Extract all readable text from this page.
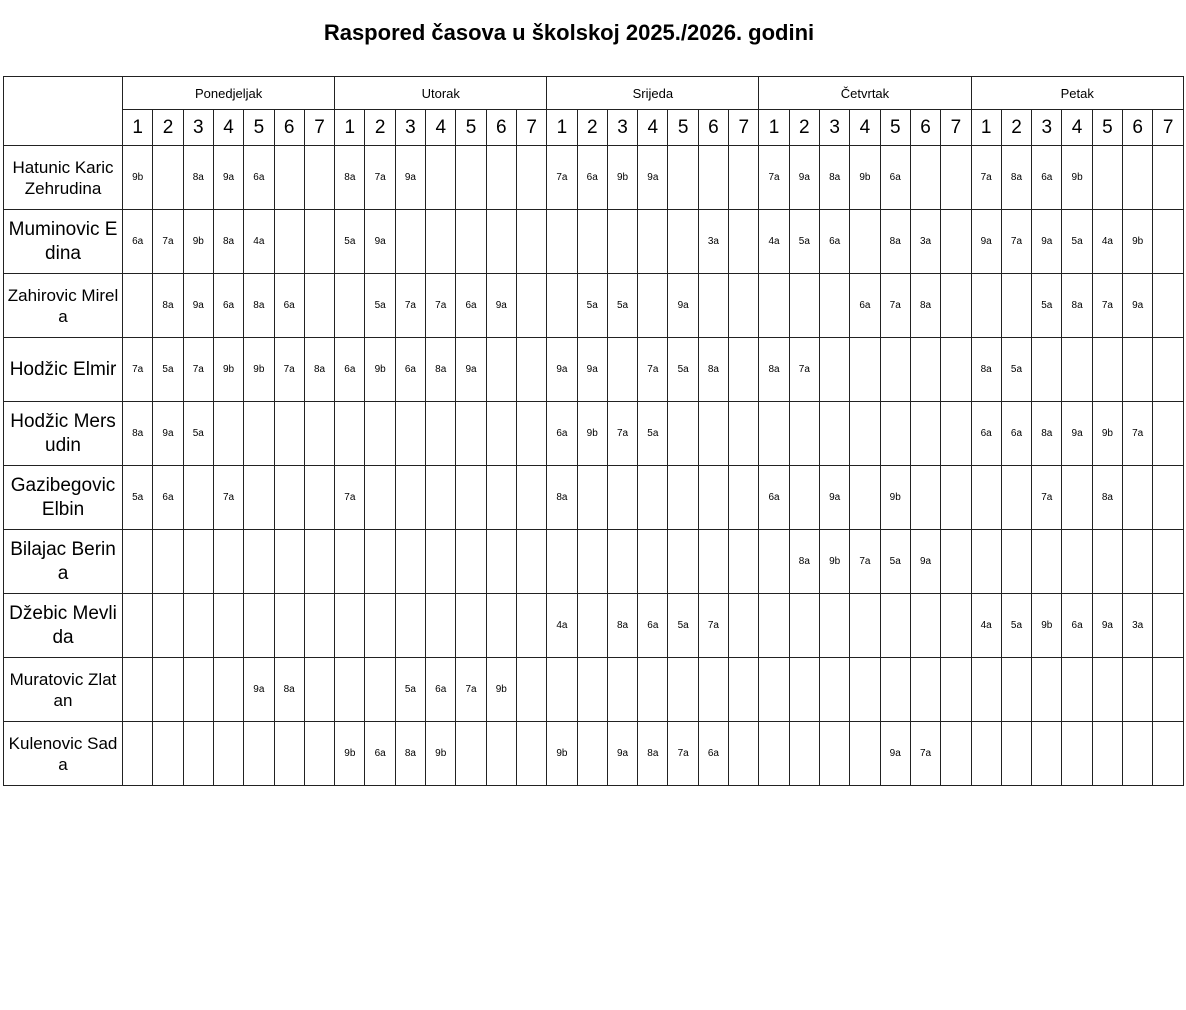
Raspored časova u školskoj 2025./2026. godini
	Ponedjeljak							Utorak							Srijeda							Četvrtak							Petak						
	1	2	3	4	5	6	7	1	2	3	4	5	6	7	1	2	3	4	5	6	7	1	2	3	4	5	6	7	1	2	3	4	5	6	7
Hatunic Karic Zehrudina	9b		8a	9a	6a			8a	7a	9a					7a	6a	9b	9a				7a	9a	8a	9b	6a			7a	8a	6a	9b			
Muminovic Edina	6a	7a	9b	8a	4a			5a	9a											3a		4a	5a	6a		8a	3a		9a	7a	9a	5a	4a	9b	
Zahirovic Mirela		8a	9a	6a	8a	6a			5a	7a	7a	6a	9a			5a	5a		9a						6a	7a	8a				5a	8a	7a	9a	
Hodžic Elmir	7a	5a	7a	9b	9b	7a	8a	6a	9b	6a	8a	9a			9a	9a		7a	5a	8a		8a	7a						8a	5a					
Hodžic Mersudin	8a	9a	5a												6a	9b	7a	5a											6a	6a	8a	9a	9b	7a	
Gazibegovic Elbin	5a	6a		7a				7a							8a							6a		9a		9b					7a		8a		
Bilajac Berina																							8a	9b	7a	5a	9a								
Džebic Mevlida															4a		8a	6a	5a	7a									4a	5a	9b	6a	9a	3a	
Muratovic Zlatan					9a	8a				5a	6a	7a	9b																						
Kulenovic Sada								9b	6a	8a	9b				9b		9a	8a	7a	6a						9a	7a								
